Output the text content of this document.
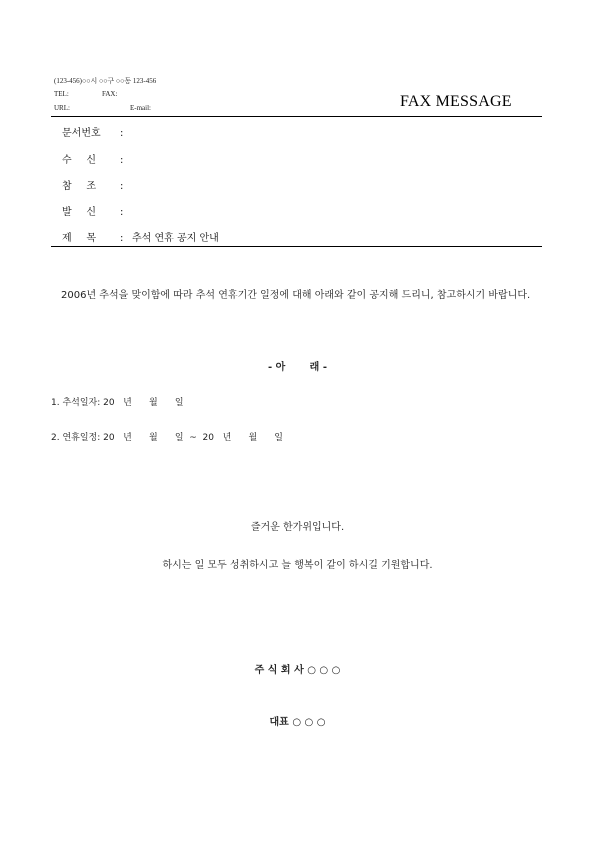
(123-456)○○시 ○○구 ○○동 123-456
TEL:	FAX:
URL:	E-mail:	FAX MESSAGE
문서번호 :
수 신 :
참 조 :
발 신 :
제 목 : 추석 연휴 공지 안내
2006년 추석을 맞이함에 따라 추석 연휴기간 일정에 대해 아래와 같이 공지해 드리니, 참고하시기 바랍니다.
- 아       래 -
1. 추석일자: 20   년      월      일
2. 연휴일정: 20   년      월      일  ~  20   년      월      일
즐거운 한가위입니다.
하시는 일 모두 성취하시고 늘 행복이 같이 하시길 기원합니다.
주 식 회 사 ○ ○ ○
대표 ○ ○ ○
